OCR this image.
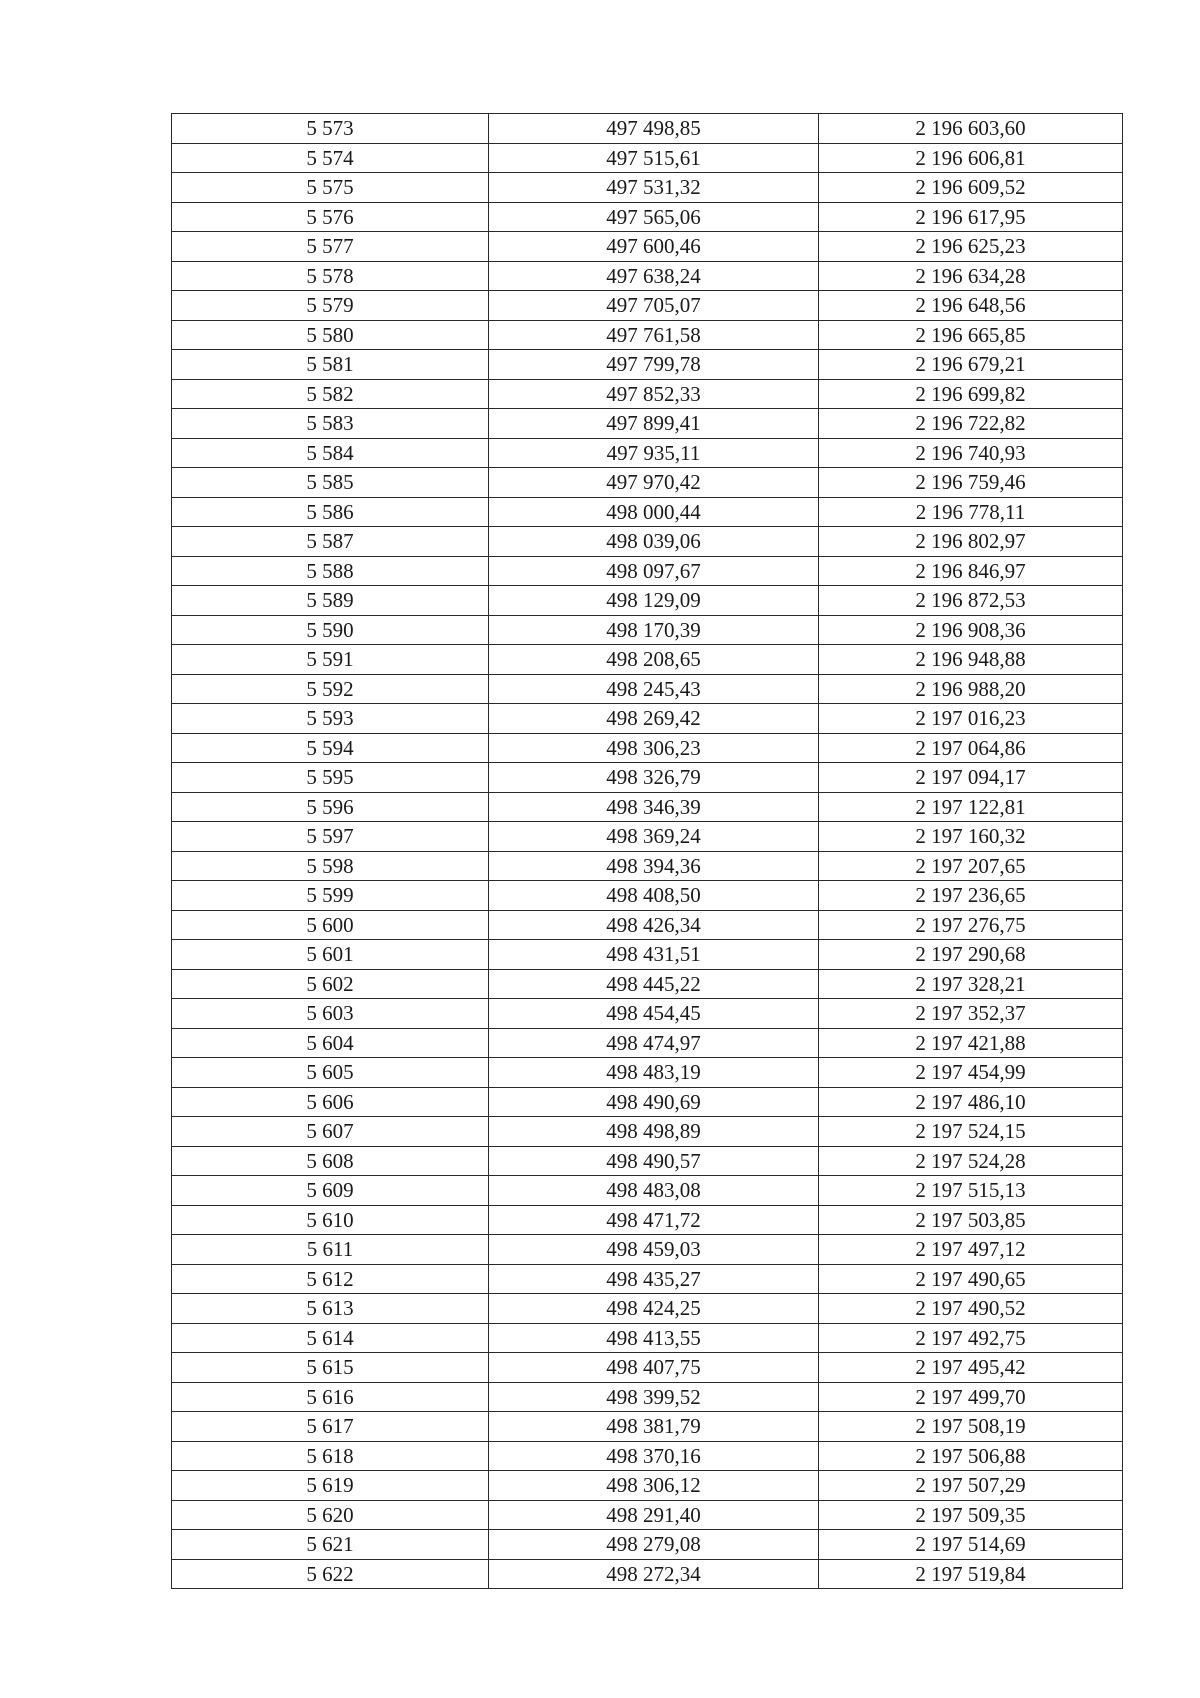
5 573	497 498,85	2 196 603,60
5 574	497 515,61	2 196 606,81
5 575	497 531,32	2 196 609,52
5 576	497 565,06	2 196 617,95
5 577	497 600,46	2 196 625,23
5 578	497 638,24	2 196 634,28
5 579	497 705,07	2 196 648,56
5 580	497 761,58	2 196 665,85
5 581	497 799,78	2 196 679,21
5 582	497 852,33	2 196 699,82
5 583	497 899,41	2 196 722,82
5 584	497 935,11	2 196 740,93
5 585	497 970,42	2 196 759,46
5 586	498 000,44	2 196 778,11
5 587	498 039,06	2 196 802,97
5 588	498 097,67	2 196 846,97
5 589	498 129,09	2 196 872,53
5 590	498 170,39	2 196 908,36
5 591	498 208,65	2 196 948,88
5 592	498 245,43	2 196 988,20
5 593	498 269,42	2 197 016,23
5 594	498 306,23	2 197 064,86
5 595	498 326,79	2 197 094,17
5 596	498 346,39	2 197 122,81
5 597	498 369,24	2 197 160,32
5 598	498 394,36	2 197 207,65
5 599	498 408,50	2 197 236,65
5 600	498 426,34	2 197 276,75
5 601	498 431,51	2 197 290,68
5 602	498 445,22	2 197 328,21
5 603	498 454,45	2 197 352,37
5 604	498 474,97	2 197 421,88
5 605	498 483,19	2 197 454,99
5 606	498 490,69	2 197 486,10
5 607	498 498,89	2 197 524,15
5 608	498 490,57	2 197 524,28
5 609	498 483,08	2 197 515,13
5 610	498 471,72	2 197 503,85
5 611	498 459,03	2 197 497,12
5 612	498 435,27	2 197 490,65
5 613	498 424,25	2 197 490,52
5 614	498 413,55	2 197 492,75
5 615	498 407,75	2 197 495,42
5 616	498 399,52	2 197 499,70
5 617	498 381,79	2 197 508,19
5 618	498 370,16	2 197 506,88
5 619	498 306,12	2 197 507,29
5 620	498 291,40	2 197 509,35
5 621	498 279,08	2 197 514,69
5 622	498 272,34	2 197 519,84
